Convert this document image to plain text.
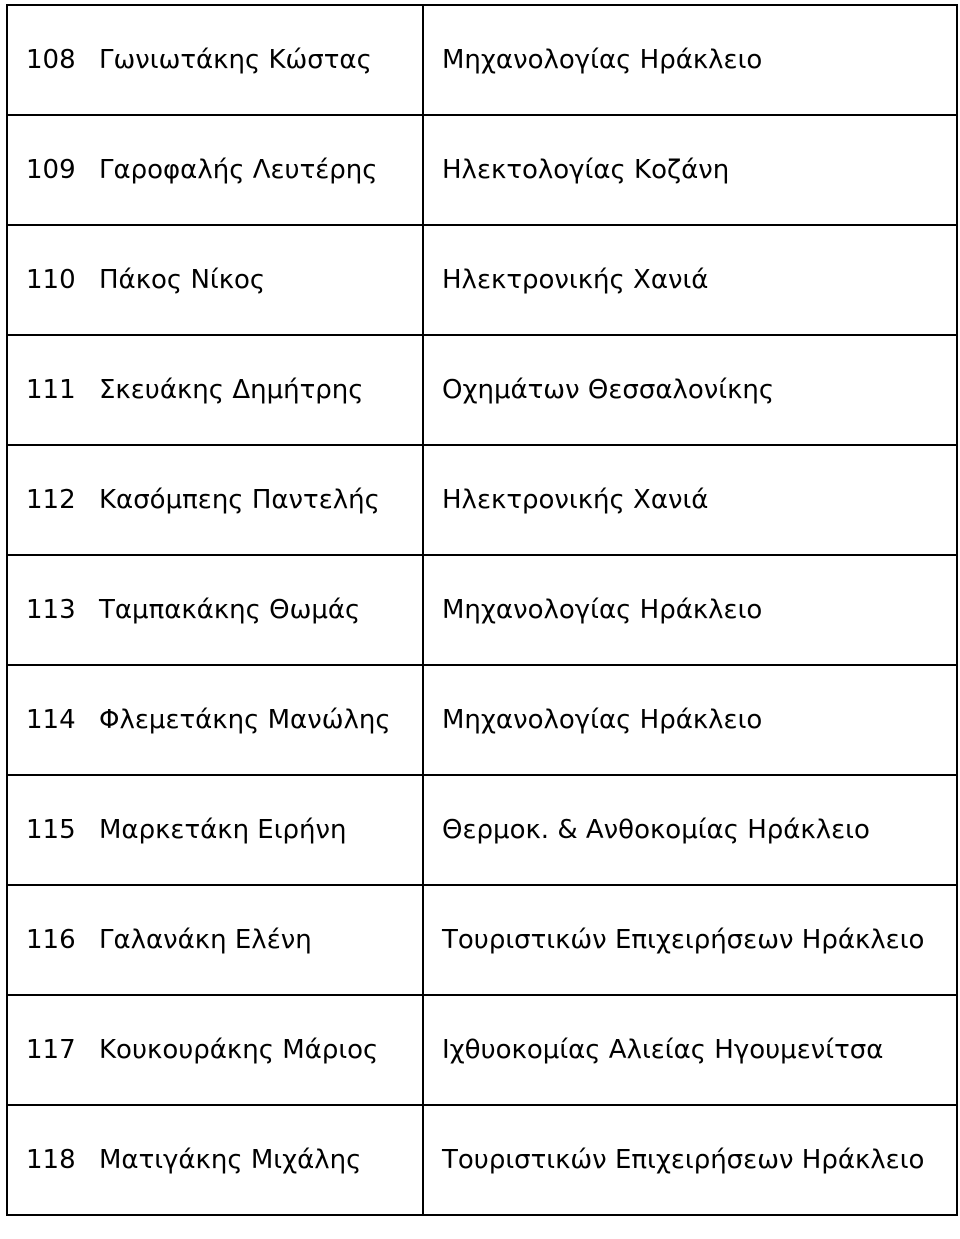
108 Γωνιωτάκης Κώστας	Μηχανολογίας Ηράκλειο
109 Γαροφαλής Λευτέρης	Ηλεκτολογίας Κοζάνη
110 Πάκος Νίκος	Ηλεκτρονικής Χανιά
111 Σκευάκης Δημήτρης	Οχημάτων Θεσσαλονίκης
112 Κασόμπεης Παντελής	Ηλεκτρονικής Χανιά
113 Ταμπακάκης Θωμάς	Μηχανολογίας Ηράκλειο
114 Φλεμετάκης Μανώλης	Μηχανολογίας Ηράκλειο
115 Μαρκετάκη Ειρήνη	Θερμοκ. & Ανθοκομίας Ηράκλειο
116 Γαλανάκη Ελένη	Τουριστικών Επιχειρήσεων Ηράκλειο
117 Κουκουράκης Μάριος	Ιχθυοκομίας Αλιείας Ηγουμενίτσα
118 Ματιγάκης Μιχάλης	Τουριστικών Επιχειρήσεων Ηράκλειο
